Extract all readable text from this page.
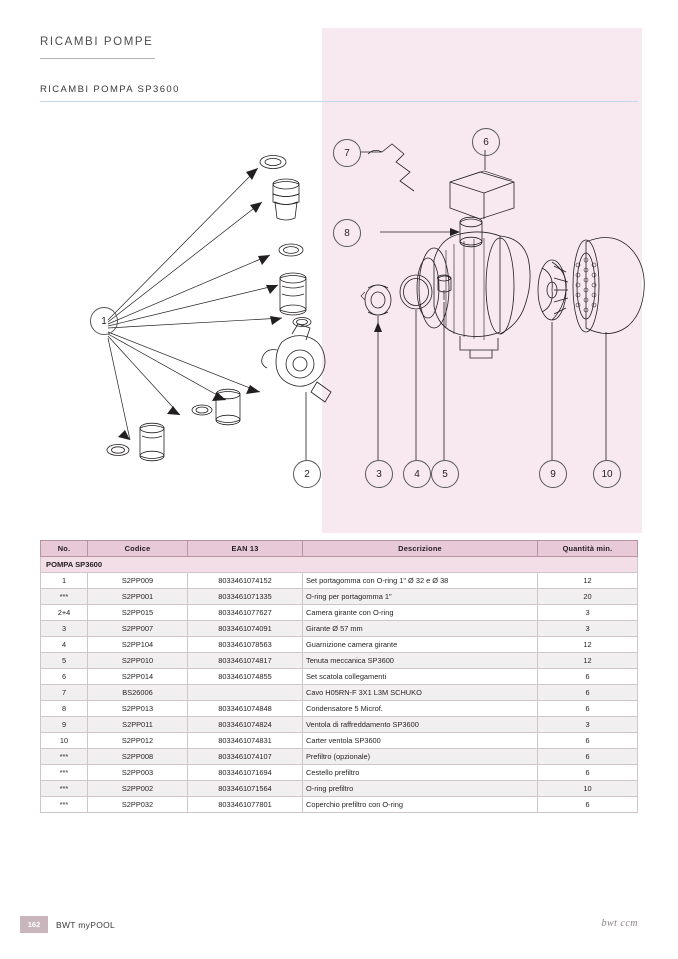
RICAMBI POMPE
RICAMBI POMPA SP3600
1
2	3	4	5
6
7
8
9	10
No.	Codice	EAN 13	Descrizione	Quantità min.
POMPA SP3600				
1	S2PP009	8033461074152	Set portagomma con O-ring 1" Ø 32 e Ø 38	12
***	S2PP001	8033461071335	O-ring per portagomma 1"	20
2+4	S2PP015	8033461077627	Camera girante con O-ring	3
3	S2PP007	8033461074091	Girante Ø 57 mm	3
4	S2PP104	8033461078563	Guarnizione camera girante	12
5	S2PP010	8033461074817	Tenuta meccanica SP3600	12
6	S2PP014	8033461074855	Set scatola collegamenti	6
7	BS26006		Cavo H05RN-F 3X1 L3M SCHUKO	6
8	S2PP013	8033461074848	Condensatore 5 Microf.	6
9	S2PP011	8033461074824	Ventola di raffreddamento SP3600	3
10	S2PP012	8033461074831	Carter ventola SP3600	6
***	S2PP008	8033461074107	Prefiltro (opzionale)	6
***	S2PP003	8033461071694	Cestello prefiltro	6
***	S2PP002	8033461071564	O-ring prefiltro	10
***	S2PP032	8033461077801	Coperchio prefiltro con O-ring	6
162	BWT myPOOL	bwt ccm
